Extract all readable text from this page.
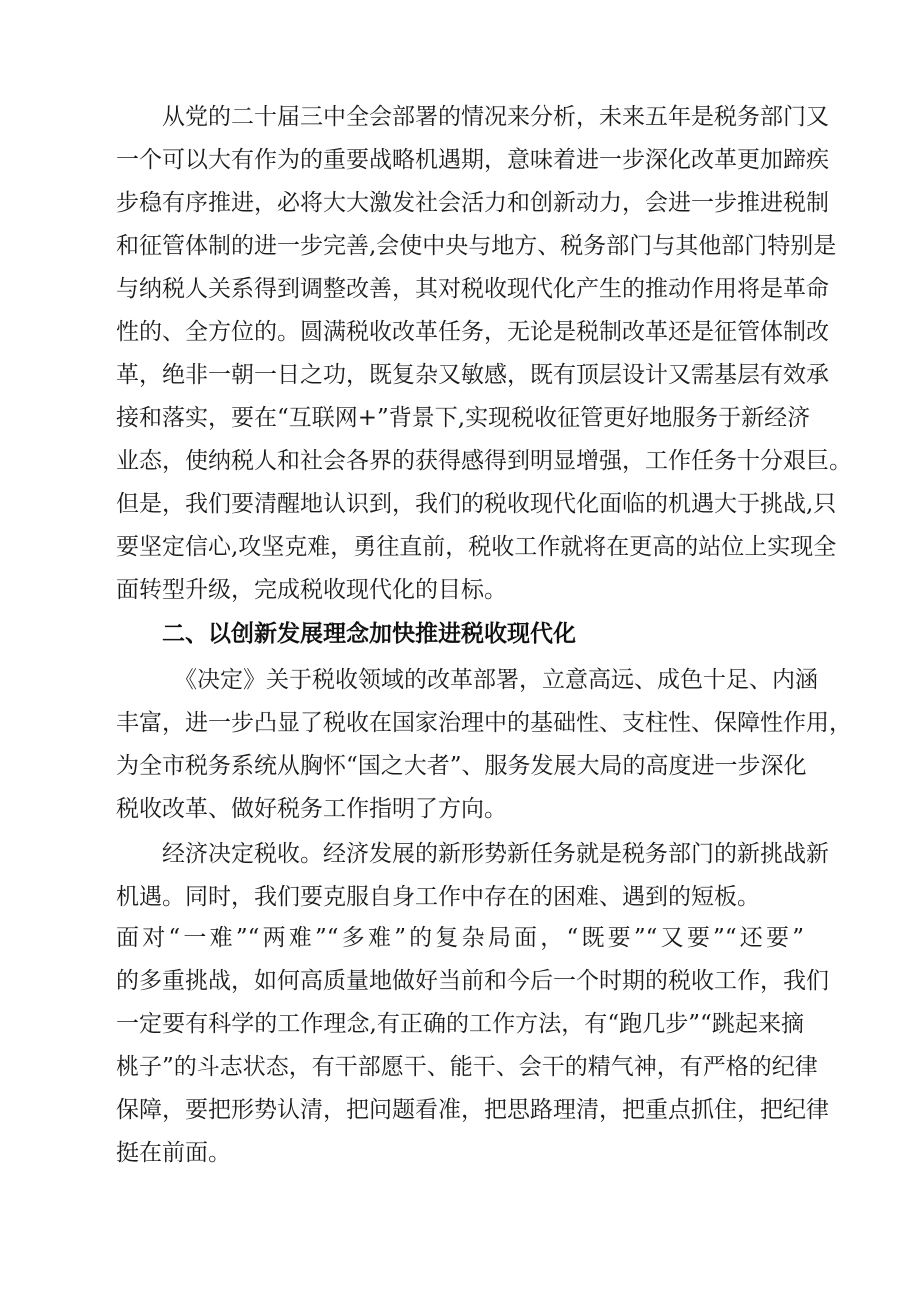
从党的二十届三中全会部署的情况来分析，未来五年是税务部门又
一个可以大有作为的重要战略机遇期，意味着进一步深化改革更加蹄疾
步稳有序推进，必将大大激发社会活力和创新动力，会进一步推进税制
和征管体制的进一步完善,会使中央与地方、税务部门与其他部门特别是
与纳税人关系得到调整改善，其对税收现代化产生的推动作用将是革命
性的、全方位的。圆满税收改革任务，无论是税制改革还是征管体制改
革，绝非一朝一日之功，既复杂又敏感，既有顶层设计又需基层有效承
接和落实，要在“互联网+”背景下,实现税收征管更好地服务于新经济
业态，使纳税人和社会各界的获得感得到明显增强，工作任务十分艰巨。
但是，我们要清醒地认识到，我们的税收现代化面临的机遇大于挑战,只
要坚定信心,攻坚克难，勇往直前，税收工作就将在更高的站位上实现全
面转型升级，完成税收现代化的目标。
二、以创新发展理念加快推进税收现代化
《决定》关于税收领域的改革部署，立意高远、成色十足、内涵
丰富，进一步凸显了税收在国家治理中的基础性、支柱性、保障性作用，
为全市税务系统从胸怀“国之大者”、服务发展大局的高度进一步深化
税收改革、做好税务工作指明了方向。
经济决定税收。经济发展的新形势新任务就是税务部门的新挑战新
机遇。同时，我们要克服自身工作中存在的困难、遇到的短板。
面对“一难”“两难”“多难”的复杂局面，“既要”“又要”“还要”
的多重挑战，如何高质量地做好当前和今后一个时期的税收工作，我们
一定要有科学的工作理念,有正确的工作方法，有“跑几步”“跳起来摘
桃子”的斗志状态，有干部愿干、能干、会干的精气神，有严格的纪律
保障，要把形势认清，把问题看准，把思路理清，把重点抓住，把纪律
挺在前面。
